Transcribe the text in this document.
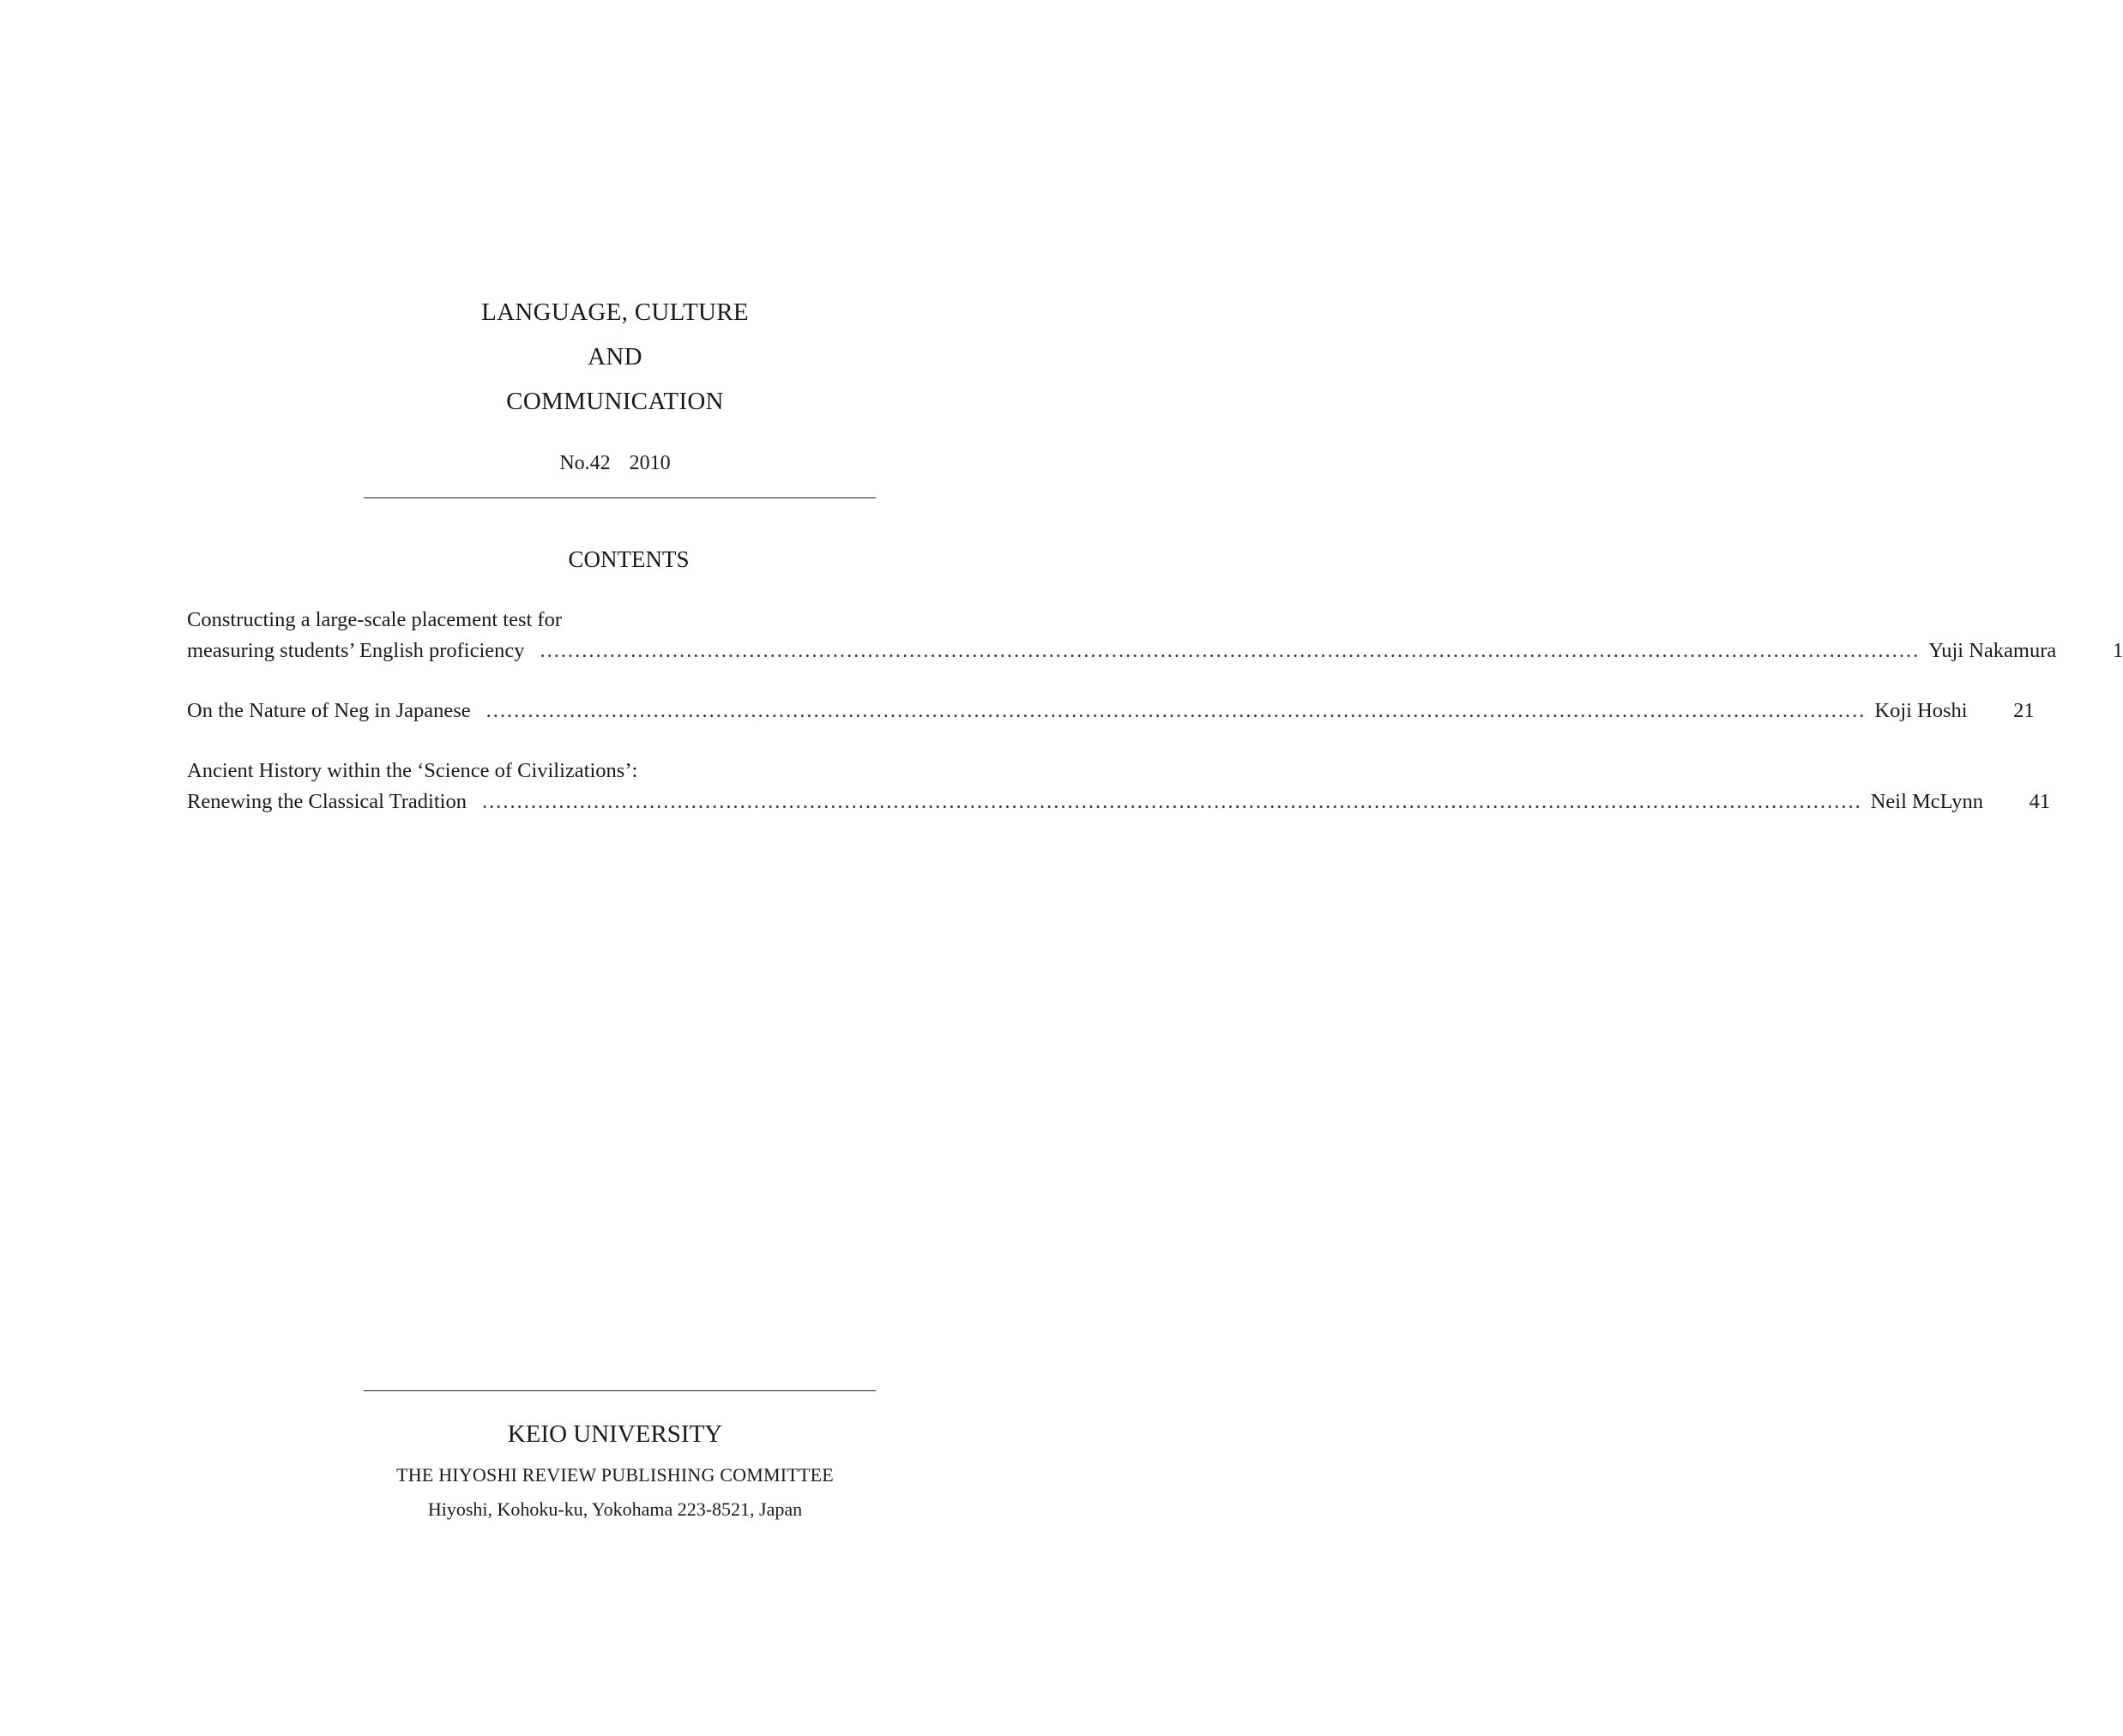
LANGUAGE, CULTURE
AND
COMMUNICATION
No.42 2010
CONTENTS
Constructing a large-scale placement test for
measuring students’ English proficiency ...................................................................................................................................................................................................... Yuji Nakamura	1
On the Nature of Neg in Japanese ...................................................................................................................................................................................................... Koji Hoshi	21
Ancient History within the ‘Science of Civilizations’:
Renewing the Classical Tradition ...................................................................................................................................................................................................... Neil McLynn	41
KEIO UNIVERSITY
THE HIYOSHI REVIEW PUBLISHING COMMITTEE
Hiyoshi, Kohoku-ku, Yokohama 223-8521, Japan
